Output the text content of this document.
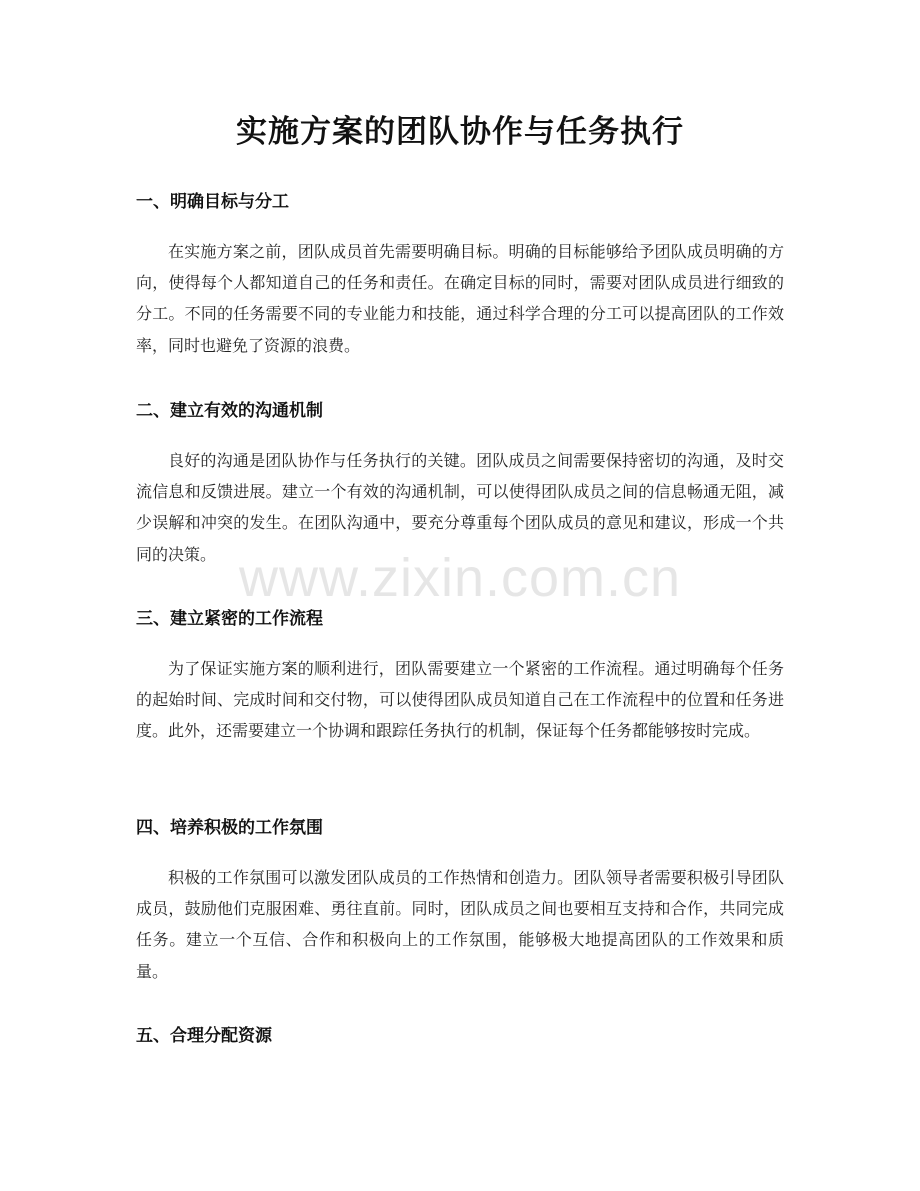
实施方案的团队协作与任务执行
一、明确目标与分工

在实施方案之前，团队成员首先需要明确目标。明确的目标能够给予团队成员明确的方向，使得每个人都知道自己的任务和责任。在确定目标的同时，需要对团队成员进行细致的分工。不同的任务需要不同的专业能力和技能，通过科学合理的分工可以提高团队的工作效率，同时也避免了资源的浪费。

二、建立有效的沟通机制

良好的沟通是团队协作与任务执行的关键。团队成员之间需要保持密切的沟通，及时交流信息和反馈进展。建立一个有效的沟通机制，可以使得团队成员之间的信息畅通无阻，减少误解和冲突的发生。在团队沟通中，要充分尊重每个团队成员的意见和建议，形成一个共同的决策。

三、建立紧密的工作流程

为了保证实施方案的顺利进行，团队需要建立一个紧密的工作流程。通过明确每个任务的起始时间、完成时间和交付物，可以使得团队成员知道自己在工作流程中的位置和任务进度。此外，还需要建立一个协调和跟踪任务执行的机制，保证每个任务都能够按时完成。

四、培养积极的工作氛围

积极的工作氛围可以激发团队成员的工作热情和创造力。团队领导者需要积极引导团队成员，鼓励他们克服困难、勇往直前。同时，团队成员之间也要相互支持和合作，共同完成任务。建立一个互信、合作和积极向上的工作氛围，能够极大地提高团队的工作效果和质量。

五、合理分配资源
www.zixin.com.cn
